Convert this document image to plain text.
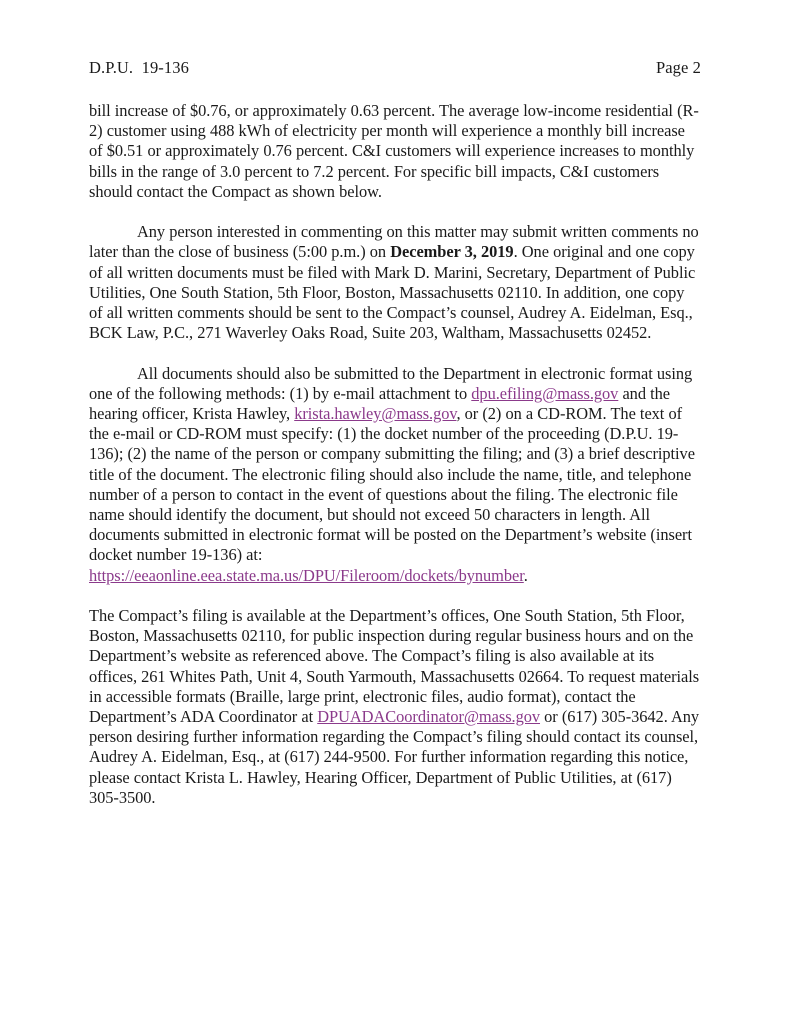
D.P.U.  19-136	Page 2

bill increase of $0.76, or approximately 0.63 percent. The average low-income residential (R-2) customer using 488 kWh of electricity per month will experience a monthly bill increase of $0.51 or approximately 0.76 percent. C&I customers will experience increases to monthly bills in the range of 3.0 percent to 7.2 percent. For specific bill impacts, C&I customers should contact the Compact as shown below.

Any person interested in commenting on this matter may submit written comments no later than the close of business (5:00 p.m.) on December 3, 2019. One original and one copy of all written documents must be filed with Mark D. Marini, Secretary, Department of Public Utilities, One South Station, 5th Floor, Boston, Massachusetts 02110. In addition, one copy of all written comments should be sent to the Compact’s counsel, Audrey A. Eidelman, Esq., BCK Law, P.C., 271 Waverley Oaks Road, Suite 203, Waltham, Massachusetts 02452.

All documents should also be submitted to the Department in electronic format using one of the following methods: (1) by e-mail attachment to dpu.efiling@mass.gov and the hearing officer, Krista Hawley, krista.hawley@mass.gov, or (2) on a CD-ROM. The text of the e-mail or CD-ROM must specify: (1) the docket number of the proceeding (D.P.U. 19-136); (2) the name of the person or company submitting the filing; and (3) a brief descriptive title of the document. The electronic filing should also include the name, title, and telephone number of a person to contact in the event of questions about the filing. The electronic file name should identify the document, but should not exceed 50 characters in length. All documents submitted in electronic format will be posted on the Department’s website (insert docket number 19-136) at: https://eeaonline.eea.state.ma.us/DPU/Fileroom/dockets/bynumber.

The Compact’s filing is available at the Department’s offices, One South Station, 5th Floor, Boston, Massachusetts 02110, for public inspection during regular business hours and on the Department’s website as referenced above. The Compact’s filing is also available at its offices, 261 Whites Path, Unit 4, South Yarmouth, Massachusetts 02664. To request materials in accessible formats (Braille, large print, electronic files, audio format), contact the Department’s ADA Coordinator at DPUADACoordinator@mass.gov or (617) 305-3642. Any person desiring further information regarding the Compact’s filing should contact its counsel, Audrey A. Eidelman, Esq., at (617) 244-9500. For further information regarding this notice, please contact Krista L. Hawley, Hearing Officer, Department of Public Utilities, at (617) 305-3500.
